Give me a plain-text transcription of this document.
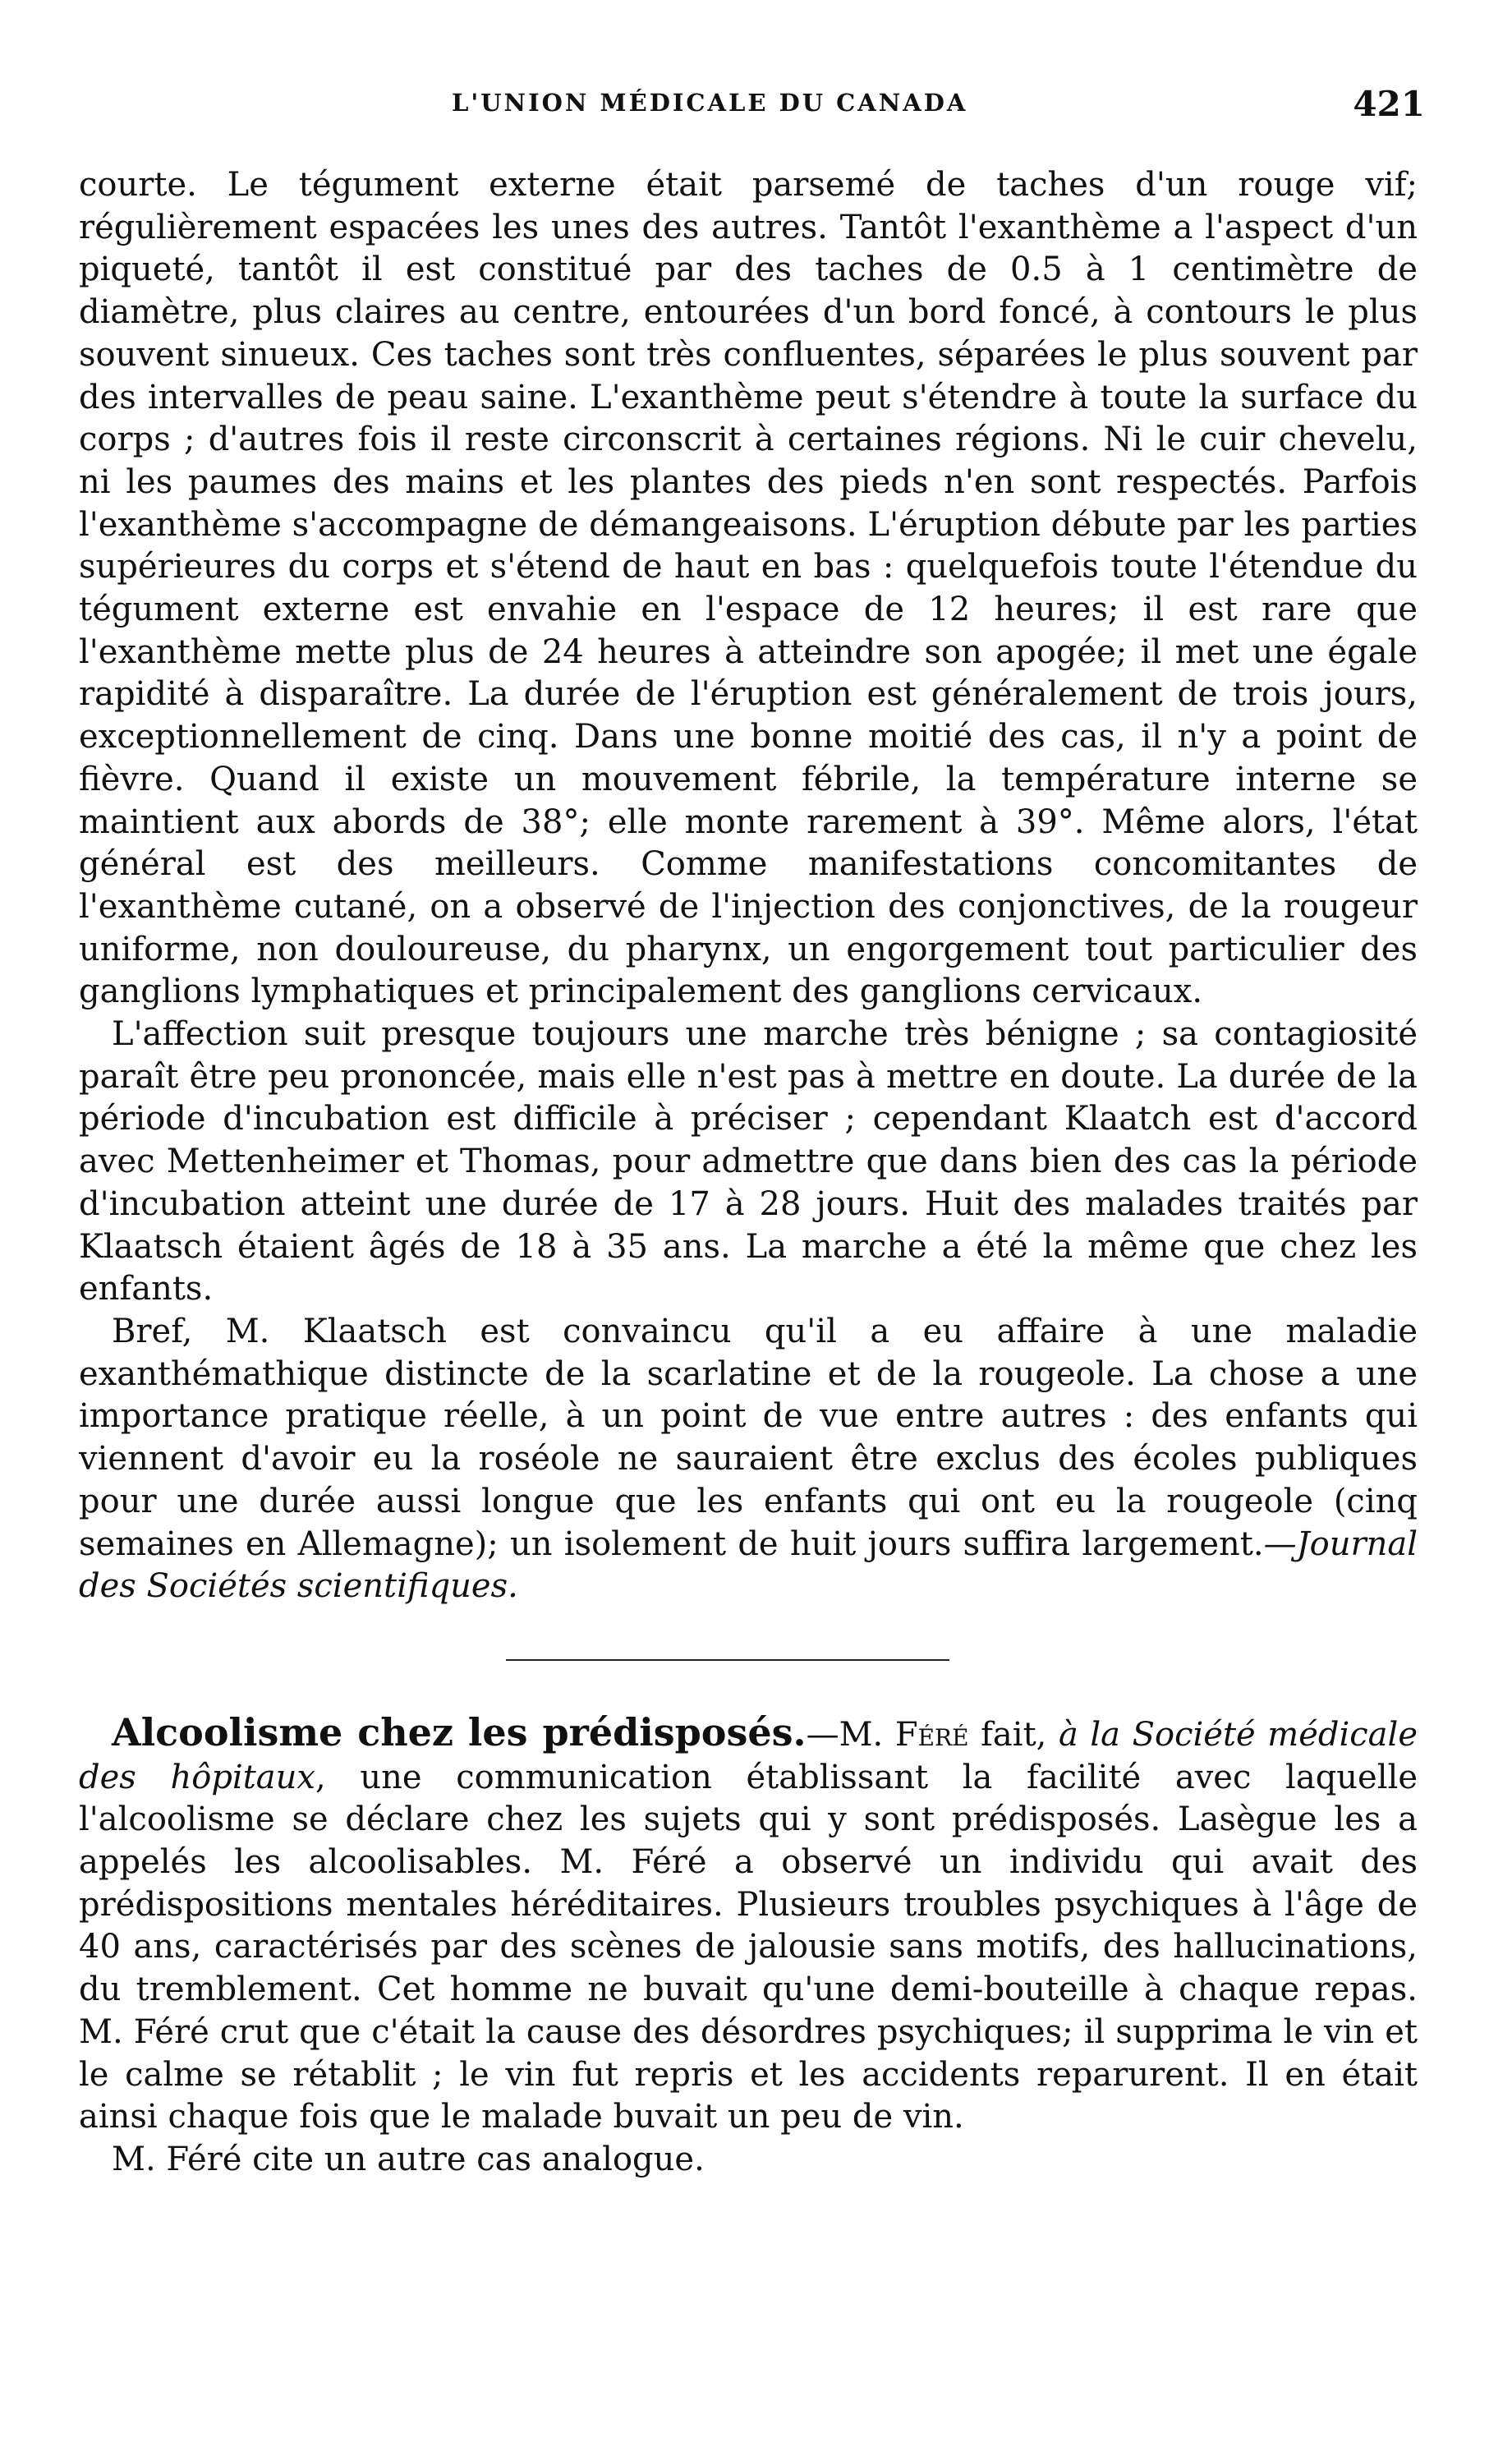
L'UNION MÉDICALE DU CANADA	421

courte. Le tégument externe était parsemé de taches d'un rouge vif; régulièrement espacées les unes des autres. Tantôt l'exanthème a l'aspect d'un piqueté, tantôt il est constitué par des taches de 0.5 à 1 centimètre de diamètre, plus claires au centre, entourées d'un bord foncé, à contours le plus souvent sinueux. Ces taches sont très confluentes, séparées le plus souvent par des intervalles de peau saine. L'exanthème peut s'étendre à toute la surface du corps ; d'autres fois il reste circonscrit à certaines régions. Ni le cuir chevelu, ni les paumes des mains et les plantes des pieds n'en sont respectés. Parfois l'exanthème s'accompagne de démangeaisons. L'éruption débute par les parties supérieures du corps et s'étend de haut en bas : quelquefois toute l'étendue du tégument externe est envahie en l'espace de 12 heures; il est rare que l'exanthème mette plus de 24 heures à atteindre son apogée; il met une égale rapidité à disparaître. La durée de l'éruption est généralement de trois jours, exceptionnellement de cinq. Dans une bonne moitié des cas, il n'y a point de fièvre. Quand il existe un mouvement fébrile, la température interne se maintient aux abords de 38°; elle monte rarement à 39°. Même alors, l'état général est des meilleurs. Comme manifestations concomitantes de l'exanthème cutané, on a observé de l'injection des conjonctives, de la rougeur uniforme, non douloureuse, du pharynx, un engorgement tout particulier des ganglions lymphatiques et principalement des ganglions cervicaux.

L'affection suit presque toujours une marche très bénigne ; sa contagiosité paraît être peu prononcée, mais elle n'est pas à mettre en doute. La durée de la période d'incubation est difficile à préciser ; cependant Klaatch est d'accord avec Mettenheimer et Thomas, pour admettre que dans bien des cas la période d'incubation atteint une durée de 17 à 28 jours. Huit des malades traités par Klaatsch étaient âgés de 18 à 35 ans. La marche a été la même que chez les enfants.

Bref, M. Klaatsch est convaincu qu'il a eu affaire à une maladie exanthémathique distincte de la scarlatine et de la rougeole. La chose a une importance pratique réelle, à un point de vue entre autres : des enfants qui viennent d'avoir eu la roséole ne sauraient être exclus des écoles publiques pour une durée aussi longue que les enfants qui ont eu la rougeole (cinq semaines en Allemagne); un isolement de huit jours suffira largement.—Journal des Sociétés scientifiques.

Alcoolisme chez les prédisposés.—M. Féré fait, à la Société médicale des hôpitaux, une communication établissant la facilité avec laquelle l'alcoolisme se déclare chez les sujets qui y sont prédisposés. Lasègue les a appelés les alcoolisables. M. Féré a observé un individu qui avait des prédispositions mentales héréditaires. Plusieurs troubles psychiques à l'âge de 40 ans, caractérisés par des scènes de jalousie sans motifs, des hallucinations, du tremblement. Cet homme ne buvait qu'une demi-bouteille à chaque repas. M. Féré crut que c'était la cause des désordres psychiques; il supprima le vin et le calme se rétablit ; le vin fut repris et les accidents reparurent. Il en était ainsi chaque fois que le malade buvait un peu de vin.

M. Féré cite un autre cas analogue.
